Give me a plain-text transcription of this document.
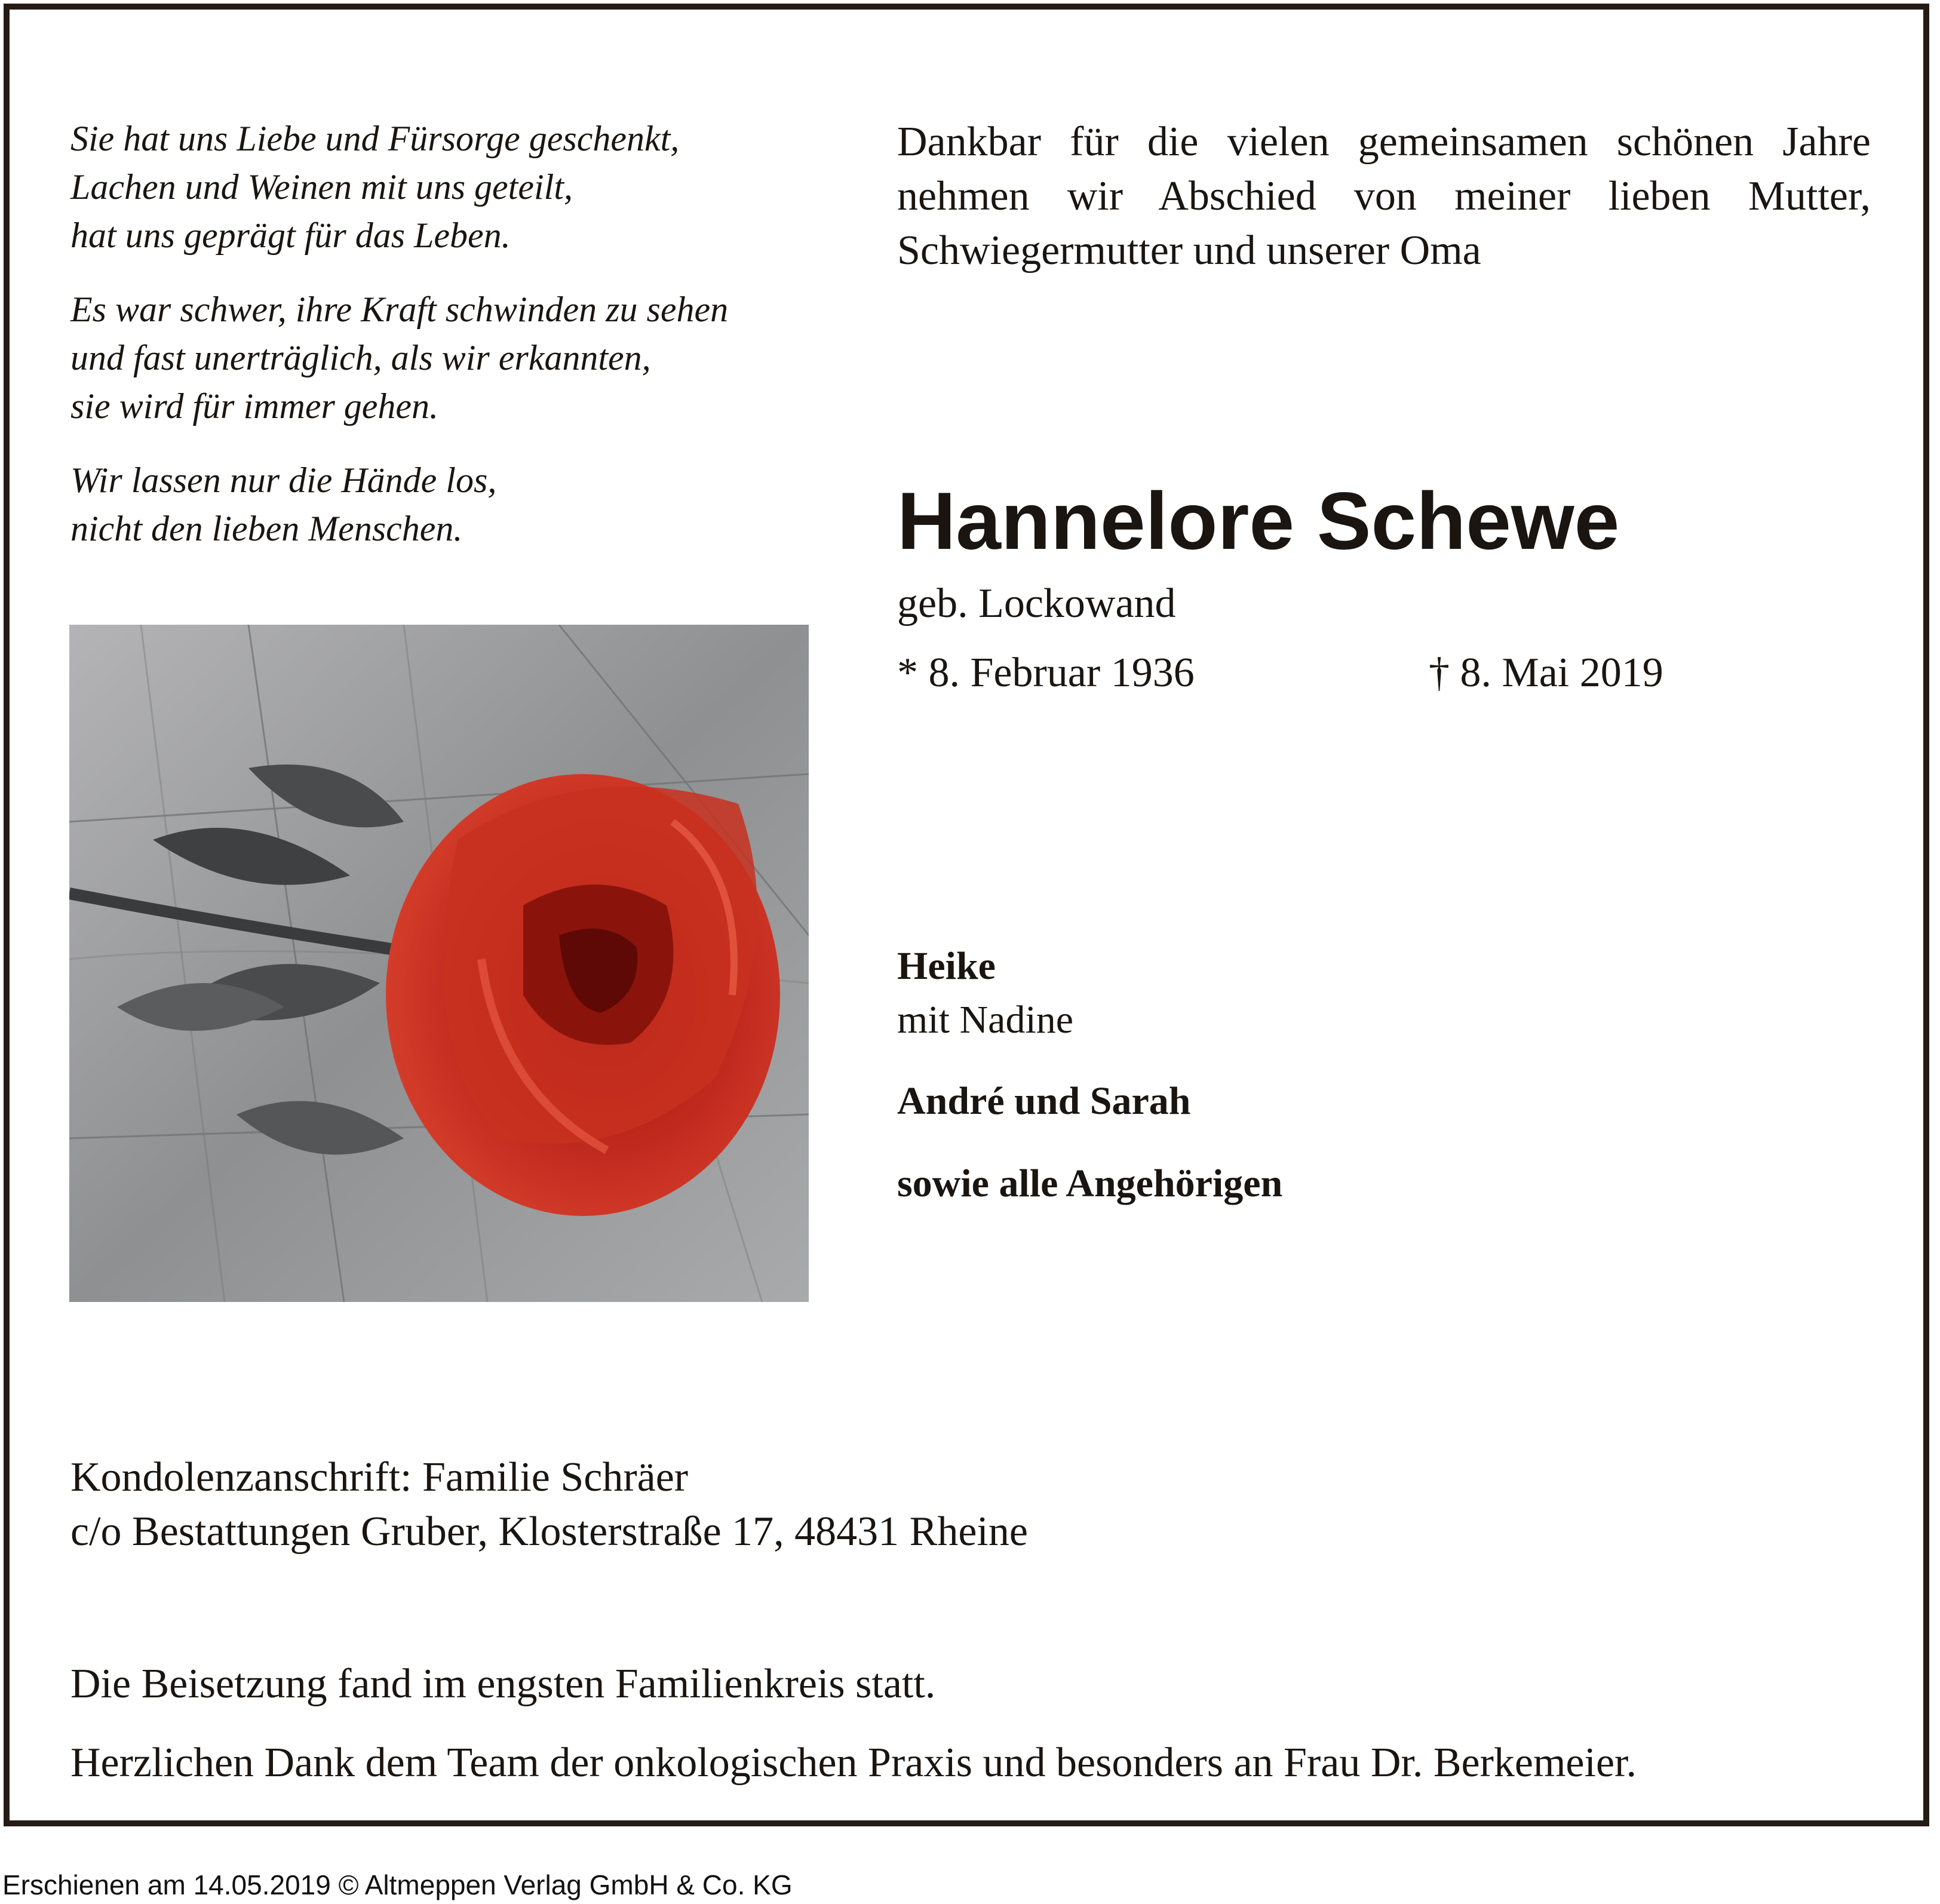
Sie hat uns Liebe und Fürsorge geschenkt,
Lachen und Weinen mit uns geteilt,
hat uns geprägt für das Leben.

Es war schwer, ihre Kraft schwinden zu sehen
und fast unerträglich, als wir erkannten,
sie wird für immer gehen.

Wir lassen nur die Hände los,
nicht den lieben Menschen.

Dankbar für die vielen gemeinsamen schönen Jahre
nehmen wir Abschied von meiner lieben Mutter,
Schwiegermutter und unserer Oma
Hannelore Schewe
geb. Lockowand
* 8. Februar 1936	† 8. Mai 2019
Heike
mit Nadine
André und Sarah
sowie alle Angehörigen
Kondolenzanschrift: Familie Schräer
c/o Bestattungen Gruber, Klosterstraße 17, 48431 Rheine
Die Beisetzung fand im engsten Familienkreis statt.
Herzlichen Dank dem Team der onkologischen Praxis und besonders an Frau Dr. Berkemeier.
Erschienen am 14.05.2019 © Altmeppen Verlag GmbH & Co. KG
